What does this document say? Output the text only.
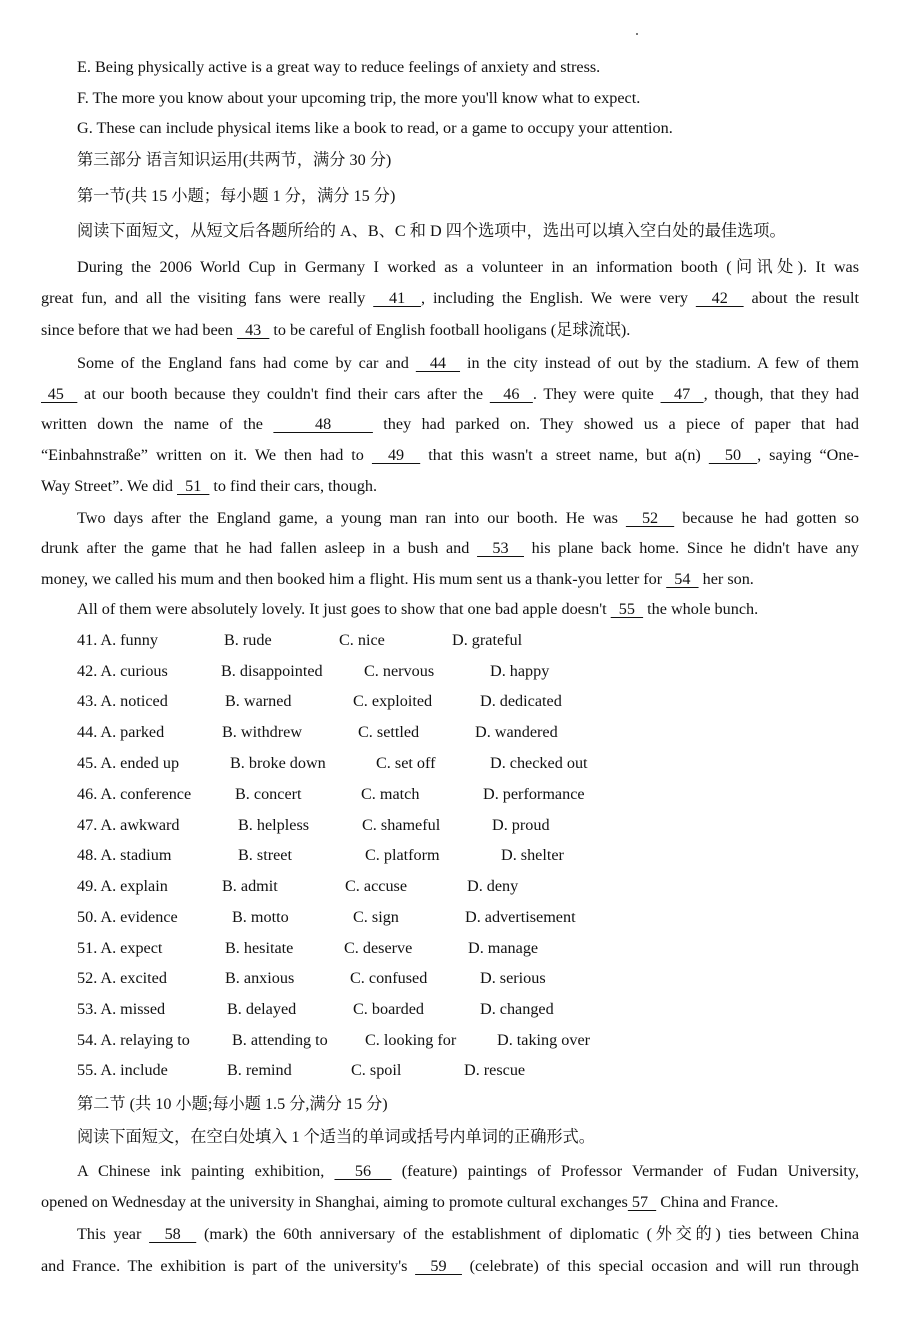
E. Being physically active is a great way to reduce feelings of anxiety and stress.
F. The more you know about your upcoming trip, the more you'll know what to expect.
G. These can include physical items like a book to read, or a game to occupy your attention.
第三部分 语言知识运用(共两节，满分 30 分)
第一节(共 15 小题；每小题 1 分，满分 15 分)
阅读下面短文，从短文后各题所给的 A、B、C 和 D 四个选项中，选出可以填入空白处的最佳选项。
During the 2006 World Cup in Germany I worked as a volunteer in an information booth (问讯处). It was
great fun, and all the visiting fans were really   41  , including the English. We were very   42   about the result
since before that we had been   43   to be careful of English football hooligans (足球流氓).
Some of the England fans had come by car and   44   in the city instead of out by the stadium. A few of them
45   at our booth because they couldn't find their cars after the   46  . They were quite   47  , though, that they had
written down the name of the     48     they had parked on. They showed us a piece of paper that had
“Einbahnstraße” written on it. We then had to   49   that this wasn't a street name, but a(n)   50  , saying “One-
Way Street”. We did   51   to find their cars, though.
Two days after the England game, a young man ran into our booth. He was   52   because he had gotten so
drunk after the game that he had fallen asleep in a bush and   53   his plane back home. Since he didn't have any
money, we called his mum and then booked him a flight. His mum sent us a thank-you letter for   54   her son.
All of them were absolutely lovely. It just goes to show that one bad apple doesn't   55   the whole bunch.
41. A. funny	B. rude	C. nice	D. grateful
42. A. curious	B. disappointed	C. nervous	D. happy
43. A. noticed	B. warned	C. exploited	D. dedicated
44. A. parked	B. withdrew	C. settled	D. wandered
45. A. ended up	B. broke down	C. set off	D. checked out
46. A. conference	B. concert	C. match	D. performance
47. A. awkward	B. helpless	C. shameful	D. proud
48. A. stadium	B. street	C. platform	D. shelter
49. A. explain	B. admit	C. accuse	D. deny
50. A. evidence	B. motto	C. sign	D. advertisement
51. A. expect	B. hesitate	C. deserve	D. manage
52. A. excited	B. anxious	C. confused	D. serious
53. A. missed	B. delayed	C. boarded	D. changed
54. A. relaying to	B. attending to C. looking for	D. taking over
55. A. include	B. remind	C. spoil	D. rescue
第二节 (共 10 小题;每小题 1.5 分,满分 15 分)
阅读下面短文，在空白处填入 1 个适当的单词或括号内单词的正确形式。
A Chinese ink painting exhibition,   56   (feature) paintings of Professor Vermander of Fudan University,
opened on Wednesday at the university in Shanghai, aiming to promote cultural exchanges 57   China and France.
This year   58   (mark) the 60th anniversary of the establishment of diplomatic (外交的) ties between China
and France. The exhibition is part of the university's   59   (celebrate) of this special occasion and will run through
